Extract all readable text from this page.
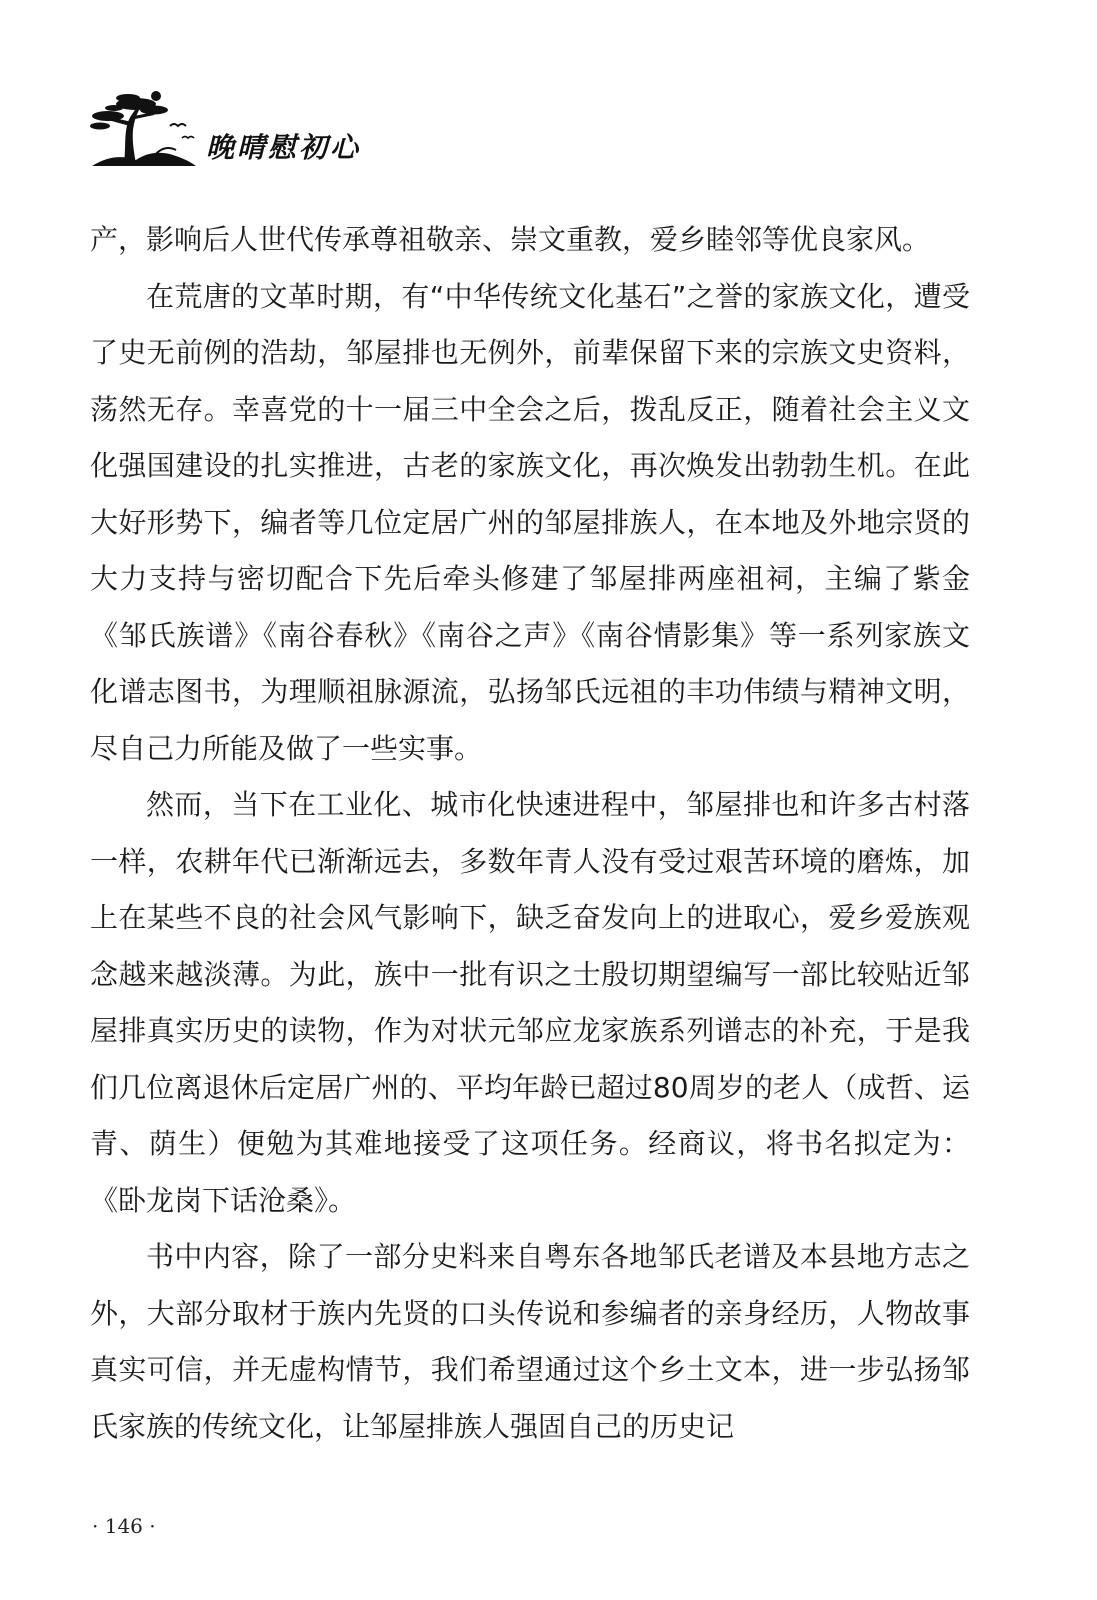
晚晴慰初心

产，影响后人世代传承尊祖敬亲、崇文重教，爱乡睦邻等优良家风。

在荒唐的文革时期，有“中华传统文化基石”之誉的家族文化，遭受了史无前例的浩劫，邹屋排也无例外，前辈保留下来的宗族文史资料，荡然无存。幸喜党的十一届三中全会之后，拨乱反正，随着社会主义文化强国建设的扎实推进，古老的家族文化，再次焕发出勃勃生机。在此大好形势下，编者等几位定居广州的邹屋排族人，在本地及外地宗贤的大力支持与密切配合下先后牵头修建了邹屋排两座祖祠，主编了紫金《邹氏族谱》《南谷春秋》《南谷之声》《南谷情影集》等一系列家族文化谱志图书，为理顺祖脉源流，弘扬邹氏远祖的丰功伟绩与精神文明，尽自己力所能及做了一些实事。

然而，当下在工业化、城市化快速进程中，邹屋排也和许多古村落一样，农耕年代已渐渐远去，多数年青人没有受过艰苦环境的磨炼，加上在某些不良的社会风气影响下，缺乏奋发向上的进取心，爱乡爱族观念越来越淡薄。为此，族中一批有识之士殷切期望编写一部比较贴近邹屋排真实历史的读物，作为对状元邹应龙家族系列谱志的补充，于是我们几位离退休后定居广州的、平均年龄已超过80周岁的老人（成哲、运青、荫生）便勉为其难地接受了这项任务。经商议，将书名拟定为：《卧龙岗下话沧桑》。

书中内容，除了一部分史料来自粤东各地邹氏老谱及本县地方志之外，大部分取材于族内先贤的口头传说和参编者的亲身经历，人物故事真实可信，并无虚构情节，我们希望通过这个乡土文本，进一步弘扬邹氏家族的传统文化，让邹屋排族人强固自己的历史记

· 146 ·
